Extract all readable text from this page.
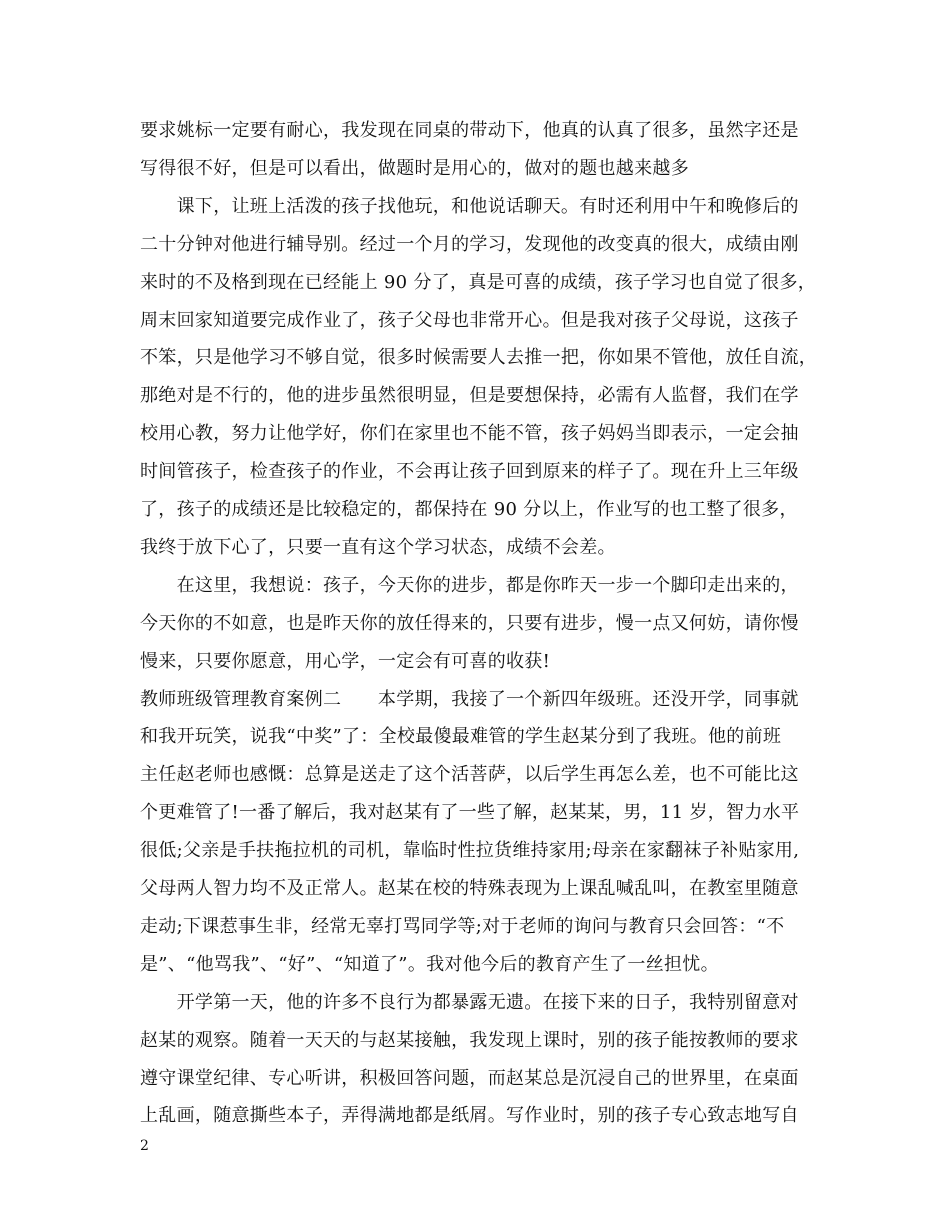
要求姚标一定要有耐心，我发现在同桌的带动下，他真的认真了很多，虽然字还是
写得很不好，但是可以看出，做题时是用心的，做对的题也越来越多
　　课下，让班上活泼的孩子找他玩，和他说话聊天。有时还利用中午和晚修后的
二十分钟对他进行辅导别。经过一个月的学习，发现他的改变真的很大，成绩由刚
来时的不及格到现在已经能上 90 分了，真是可喜的成绩，孩子学习也自觉了很多，
周末回家知道要完成作业了，孩子父母也非常开心。但是我对孩子父母说，这孩子
不笨，只是他学习不够自觉，很多时候需要人去推一把，你如果不管他，放任自流，
那绝对是不行的，他的进步虽然很明显，但是要想保持，必需有人监督，我们在学
校用心教，努力让他学好，你们在家里也不能不管，孩子妈妈当即表示，一定会抽
时间管孩子，检查孩子的作业，不会再让孩子回到原来的样子了。现在升上三年级
了，孩子的成绩还是比较稳定的，都保持在 90 分以上，作业写的也工整了很多，
我终于放下心了，只要一直有这个学习状态，成绩不会差。
　　在这里，我想说：孩子，今天你的进步，都是你昨天一步一个脚印走出来的，
今天你的不如意，也是昨天你的放任得来的，只要有进步，慢一点又何妨，请你慢
慢来，只要你愿意，用心学，一定会有可喜的收获!
教师班级管理教育案例二　　本学期，我接了一个新四年级班。还没开学，同事就
和我开玩笑，说我“中奖”了：全校最傻最难管的学生赵某分到了我班。他的前班
主任赵老师也感慨：总算是送走了这个活菩萨，以后学生再怎么差，也不可能比这
个更难管了!一番了解后，我对赵某有了一些了解，赵某某，男，11 岁，智力水平
很低;父亲是手扶拖拉机的司机，靠临时性拉货维持家用;母亲在家翻袜子补贴家用,
父母两人智力均不及正常人。赵某在校的特殊表现为上课乱喊乱叫，在教室里随意
走动;下课惹事生非，经常无辜打骂同学等;对于老师的询问与教育只会回答：“不
是”、“他骂我”、“好”、“知道了”。我对他今后的教育产生了一丝担忧。
　　开学第一天，他的许多不良行为都暴露无遗。在接下来的日子，我特别留意对
赵某的观察。随着一天天的与赵某接触，我发现上课时，别的孩子能按教师的要求
遵守课堂纪律、专心听讲，积极回答问题，而赵某总是沉浸自己的世界里，在桌面
上乱画，随意撕些本子，弄得满地都是纸屑。写作业时，别的孩子专心致志地写自
2
